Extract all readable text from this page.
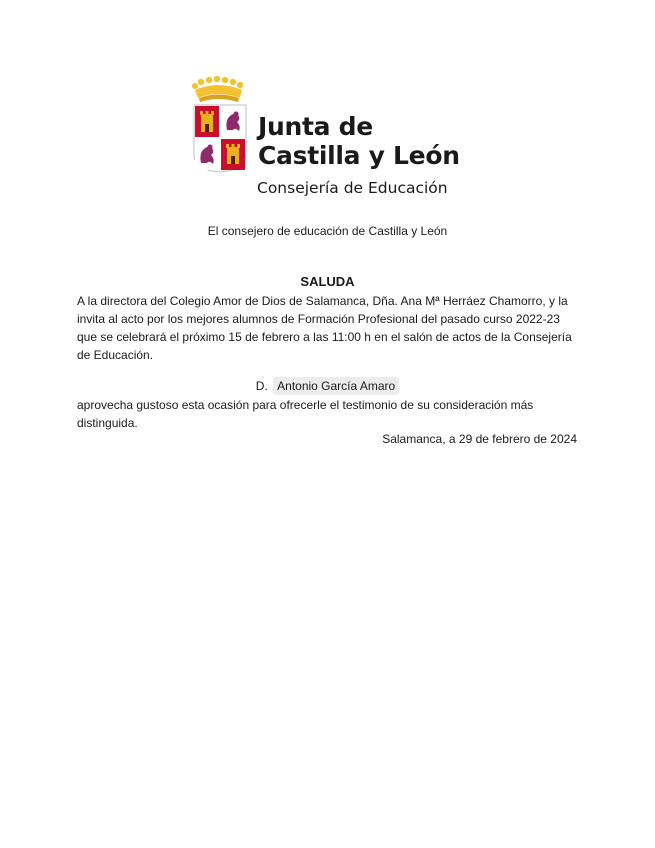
Junta de
Castilla y León
Consejería de Educación
El consejero de educación de Castilla y León
SALUDA
A la directora del Colegio Amor de Dios de Salamanca, Dña. Ana Mª Herráez Chamorro, y la invita al acto por los mejores alumnos de Formación Profesional del pasado curso 2022-23 que se celebrará el próximo 15 de febrero a las 11:00 h en el salón de actos de la Consejería de Educación.
D. Antonio García Amaro
aprovecha gustoso esta ocasión para ofrecerle el testimonio de su consideración más distinguida.
Salamanca, a 29 de febrero de 2024
